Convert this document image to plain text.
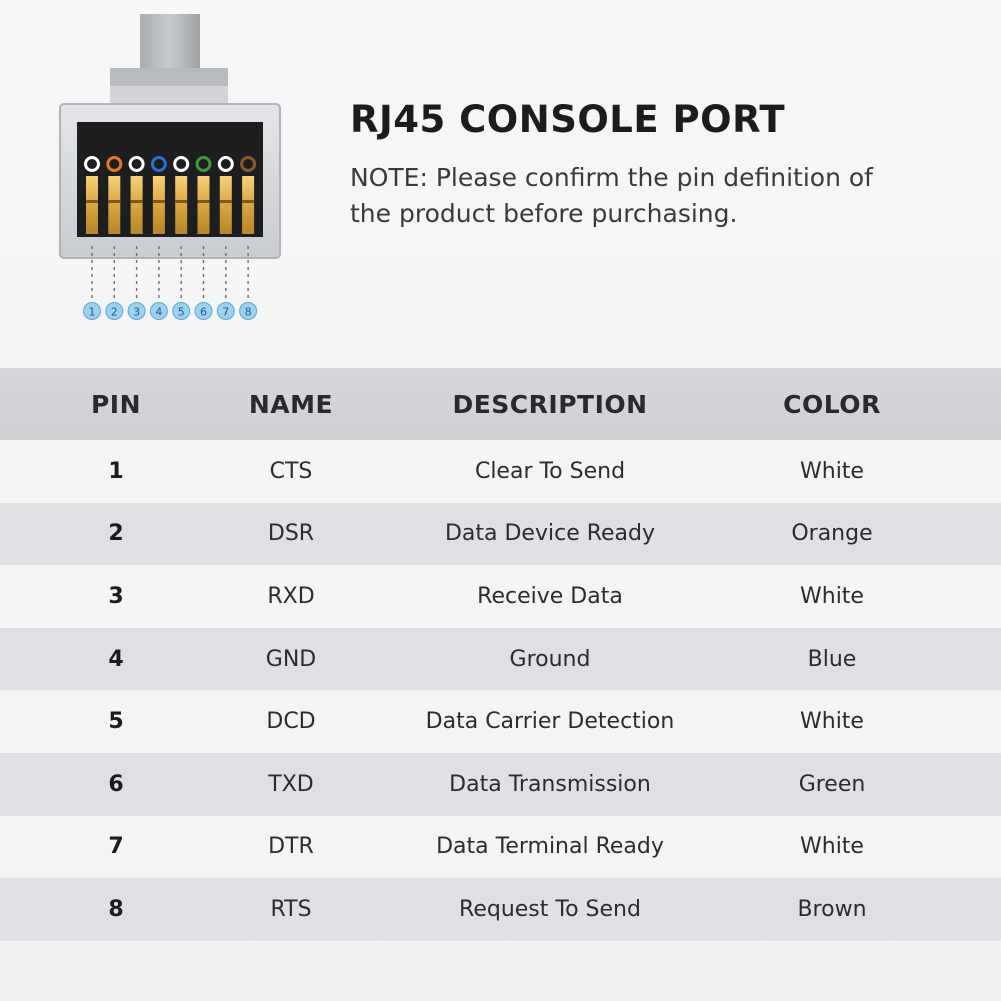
1 2 3 4 5 6 7 8
RJ45 CONSOLE PORT
NOTE: Please confirm the pin definition of
the product before purchasing.
PIN	NAME	DESCRIPTION	COLOR
1	CTS	Clear To Send	White
2	DSR	Data Device Ready	Orange
3	RXD	Receive Data	White
4	GND	Ground	Blue
5	DCD	Data Carrier Detection	White
6	TXD	Data Transmission	Green
7	DTR	Data Terminal Ready	White
8	RTS	Request To Send	Brown
